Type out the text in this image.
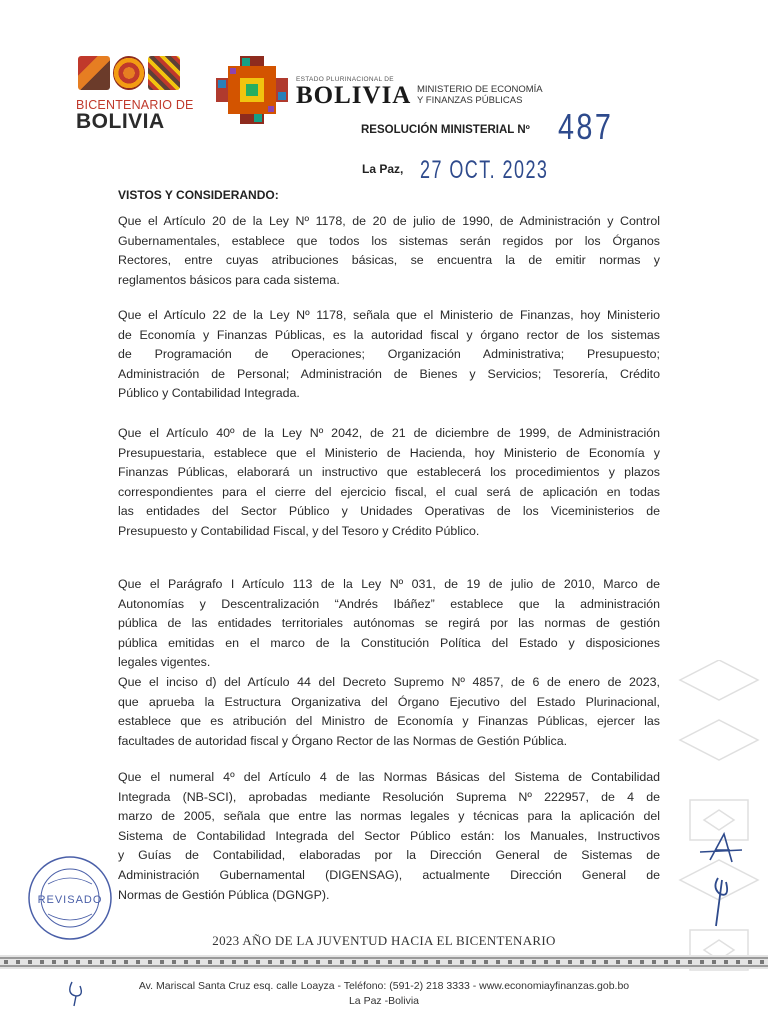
BICENTENARIO DE
BOLIVIA
ESTADO PLURINACIONAL DE
BOLIVIA MINISTERIO DE ECONOMÍA
Y FINANZAS PÚBLICAS
RESOLUCIÓN MINISTERIAL Nº 487
La Paz, 27 OCT. 2023
VISTOS Y CONSIDERANDO:
Que el Artículo 20 de la Ley Nº 1178, de 20 de julio de 1990, de Administración y Control
Gubernamentales, establece que todos los sistemas serán regidos por los Órganos
Rectores, entre cuyas atribuciones básicas, se encuentra la de emitir normas y
reglamentos básicos para cada sistema.
Que el Artículo 22 de la Ley Nº 1178, señala que el Ministerio de Finanzas, hoy Ministerio
de Economía y Finanzas Públicas, es la autoridad fiscal y órgano rector de los sistemas
de Programación de Operaciones; Organización Administrativa; Presupuesto;
Administración de Personal; Administración de Bienes y Servicios; Tesorería, Crédito
Público y Contabilidad Integrada.
Que el Artículo 40º de la Ley Nº 2042, de 21 de diciembre de 1999, de Administración
Presupuestaria, establece que el Ministerio de Hacienda, hoy Ministerio de Economía y
Finanzas Públicas, elaborará un instructivo que establecerá los procedimientos y plazos
correspondientes para el cierre del ejercicio fiscal, el cual será de aplicación en todas
las entidades del Sector Público y Unidades Operativas de los Viceministerios de
Presupuesto y Contabilidad Fiscal, y del Tesoro y Crédito Público.
Que el Parágrafo I Artículo 113 de la Ley Nº 031, de 19 de julio de 2010, Marco de
Autonomías y Descentralización “Andrés Ibáñez” establece que la administración
pública de las entidades territoriales autónomas se regirá por las normas de gestión
pública emitidas en el marco de la Constitución Política del Estado y disposiciones
legales vigentes.
Que el inciso d) del Artículo 44 del Decreto Supremo Nº 4857, de 6 de enero de 2023,
que aprueba la Estructura Organizativa del Órgano Ejecutivo del Estado Plurinacional,
establece que es atribución del Ministro de Economía y Finanzas Públicas, ejercer las
facultades de autoridad fiscal y Órgano Rector de las Normas de Gestión Pública.
Que el numeral 4º del Artículo 4 de las Normas Básicas del Sistema de Contabilidad
Integrada (NB-SCI), aprobadas mediante Resolución Suprema Nº 222957, de 4 de
marzo de 2005, señala que entre las normas legales y técnicas para la aplicación del
Sistema de Contabilidad Integrada del Sector Público están: los Manuales, Instructivos
y Guías de Contabilidad, elaboradas por la Dirección General de Sistemas de
Administración Gubernamental (DIGENSAG), actualmente Dirección General de
Normas de Gestión Pública (DGNGP).
REVISADO
2023 AÑO DE LA JUVENTUD HACIA EL BICENTENARIO
Av. Mariscal Santa Cruz esq. calle Loayza - Teléfono: (591-2) 218 3333 - www.economiayfinanzas.gob.bo
La Paz -Bolivia
